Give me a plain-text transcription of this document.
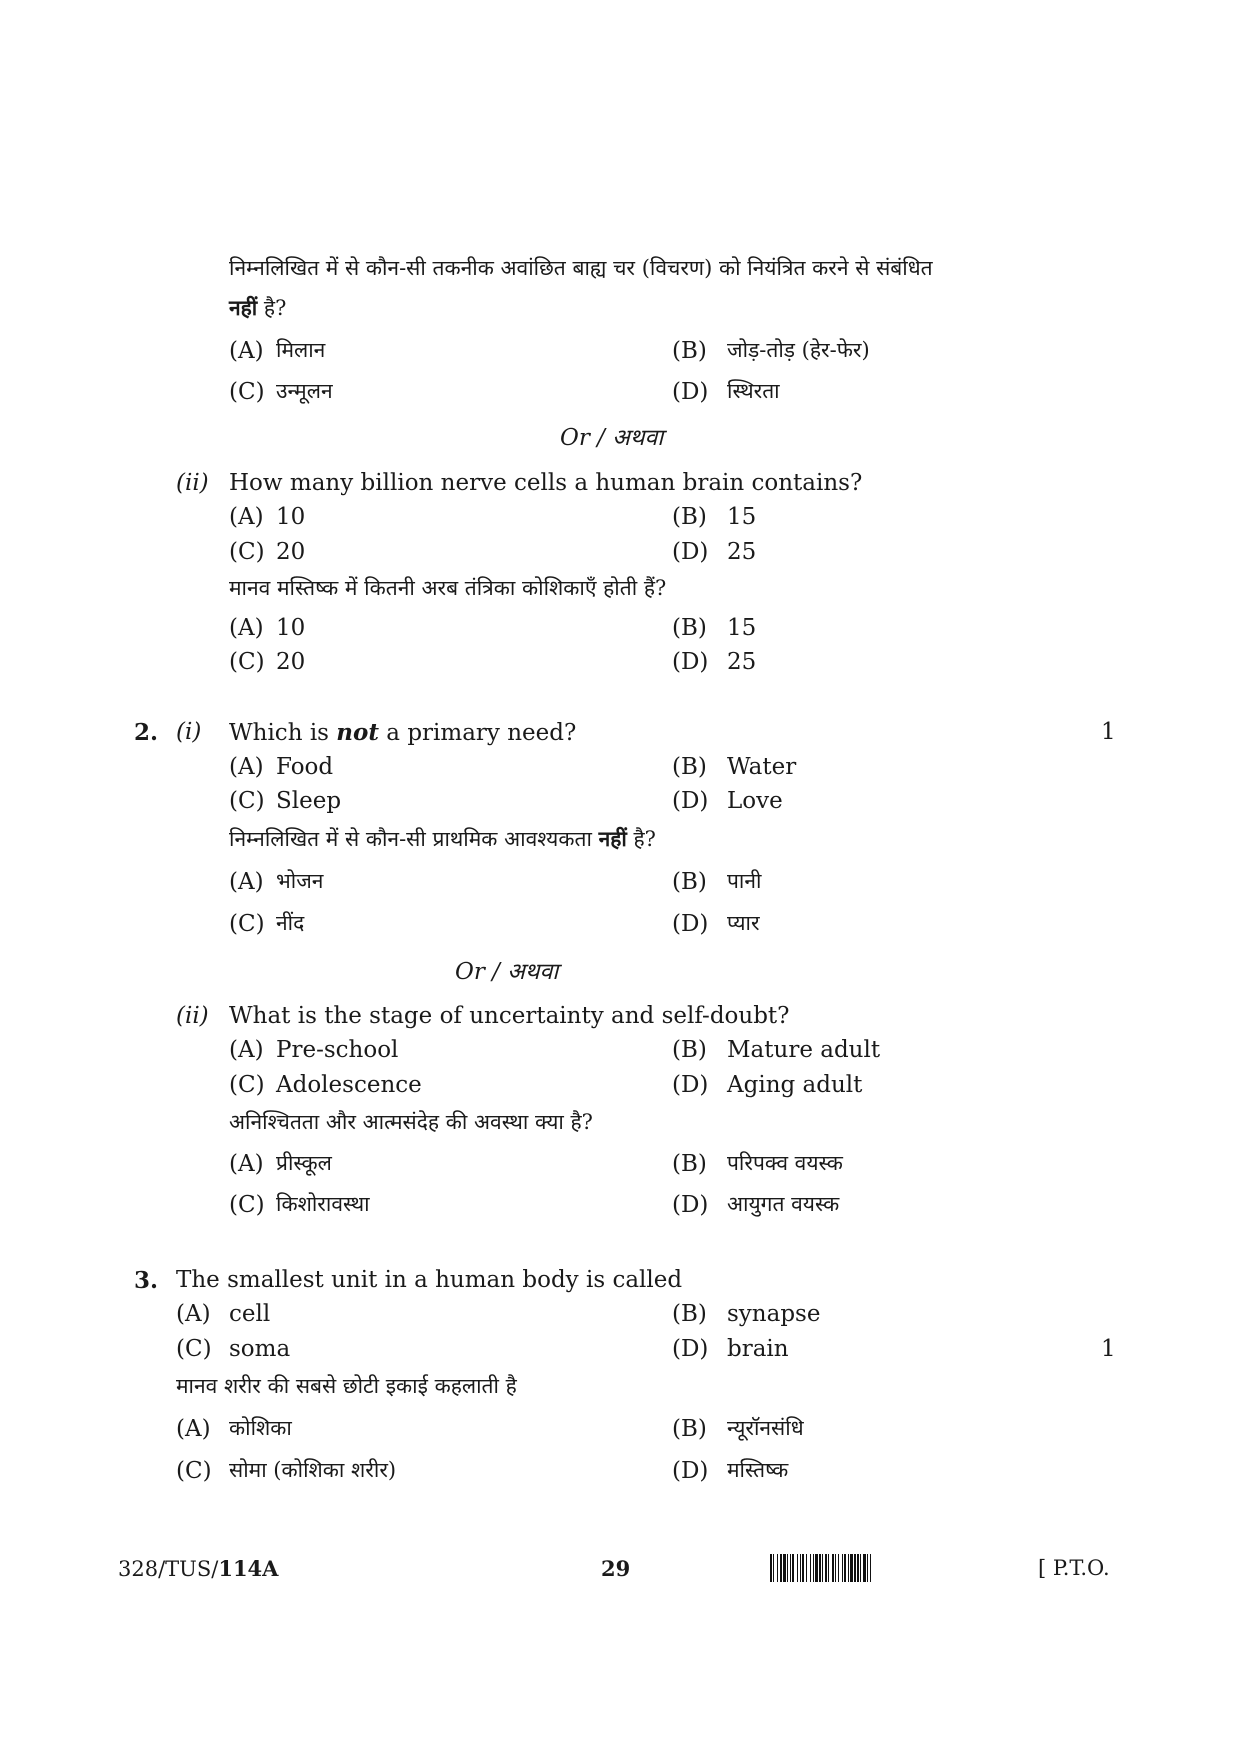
निम्नलिखित में से कौन-सी तकनीक अवांछित बाह्य चर (विचरण) को नियंत्रित करने से संबंधित
नहीं है?
(A) मिलान	(B) जोड़-तोड़ (हेर-फेर)
(C) उन्मूलन	(D) स्थिरता
Or / अथवा
(ii) How many billion nerve cells a human brain contains?
(A) 10	(B) 15
(C) 20	(D) 25
मानव मस्तिष्क में कितनी अरब तंत्रिका कोशिकाएँ होती हैं?
(A) 10	(B) 15
(C) 20	(D) 25
2. (i) Which is not a primary need?	1
(A) Food	(B) Water
(C) Sleep	(D) Love
निम्नलिखित में से कौन-सी प्राथमिक आवश्यकता नहीं है?
(A) भोजन	(B) पानी
(C) नींद	(D) प्यार
Or / अथवा
(ii) What is the stage of uncertainty and self-doubt?
(A) Pre-school	(B) Mature adult
(C) Adolescence	(D) Aging adult
अनिश्चितता और आत्मसंदेह की अवस्था क्या है?
(A) प्रीस्कूल	(B) परिपक्व वयस्क
(C) किशोरावस्था	(D) आयुगत वयस्क
3. The smallest unit in a human body is called
(A) cell	(B) synapse
(C) soma	(D) brain	1
मानव शरीर की सबसे छोटी इकाई कहलाती है
(A) कोशिका	(B) न्यूरॉनसंधि
(C) सोमा (कोशिका शरीर)	(D) मस्तिष्क
328/TUS/114A	29	[ P.T.O.
